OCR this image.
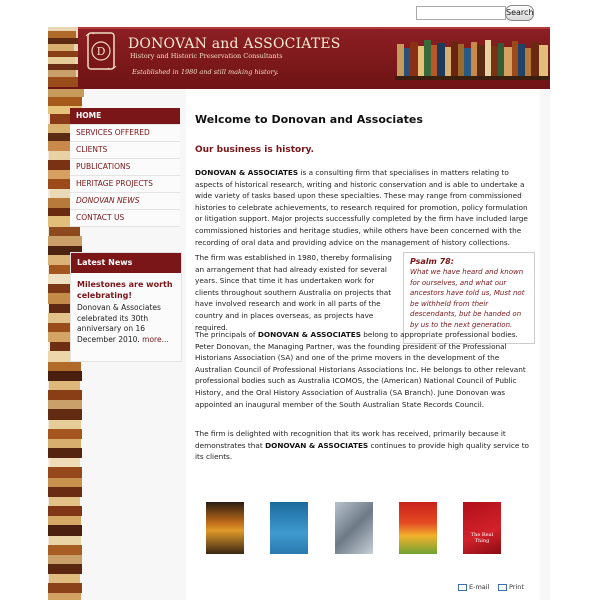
Search
D DONOVAN and ASSOCIATES
History and Historic Preservation Consultants
Established in 1980 and still making history.
HOME
SERVICES OFFERED
CLIENTS
PUBLICATIONS
HERITAGE PROJECTS
DONOVAN NEWS
CONTACT US
Latest News
Milestones are worth celebrating!
Donovan & Associates celebrated its 30th anniversary on 16 December 2010. more...
Welcome to Donovan and Associates
Our business is history.

DONOVAN & ASSOCIATES is a consulting firm that specialises in matters relating to aspects of historical research, writing and historic conservation and is able to undertake a wide variety of tasks based upon these specialties. These may range from commissioned histories to celebrate achievements, to research required for promotion, policy formulation or litigation support. Major projects successfully completed by the firm have included large commissioned histories and heritage studies, while others have been concerned with the recording of oral data and providing advice on the management of history collections.

The firm was established in 1980, thereby formalising an arrangement that had already existed for several years. Since that time it has undertaken work for clients throughout southern Australia on projects that have involved research and work in all parts of the country and in places overseas, as projects have required.

Psalm 78:
What we have heard and known for ourselves, and what our ancestors have told us, Must not be withheld from their descendants, but be handed on by us to the next generation.

The principals of DONOVAN & ASSOCIATES belong to appropriate professional bodies. Peter Donovan, the Managing Partner, was the founding president of the Professional Historians Association (SA) and one of the prime movers in the development of the Australian Council of Professional Historians Associations Inc. He belongs to other relevant professional bodies such as Australia ICOMOS, the (American) National Council of Public History, and the Oral History Association of Australia (SA Branch). June Donovan was appointed an inaugural member of the South Australian State Records Council.

The firm is delighted with recognition that its work has received, primarily because it demonstrates that DONOVAN & ASSOCIATES continues to provide high quality service to its clients.

The Real Thing
E-mail	Print
